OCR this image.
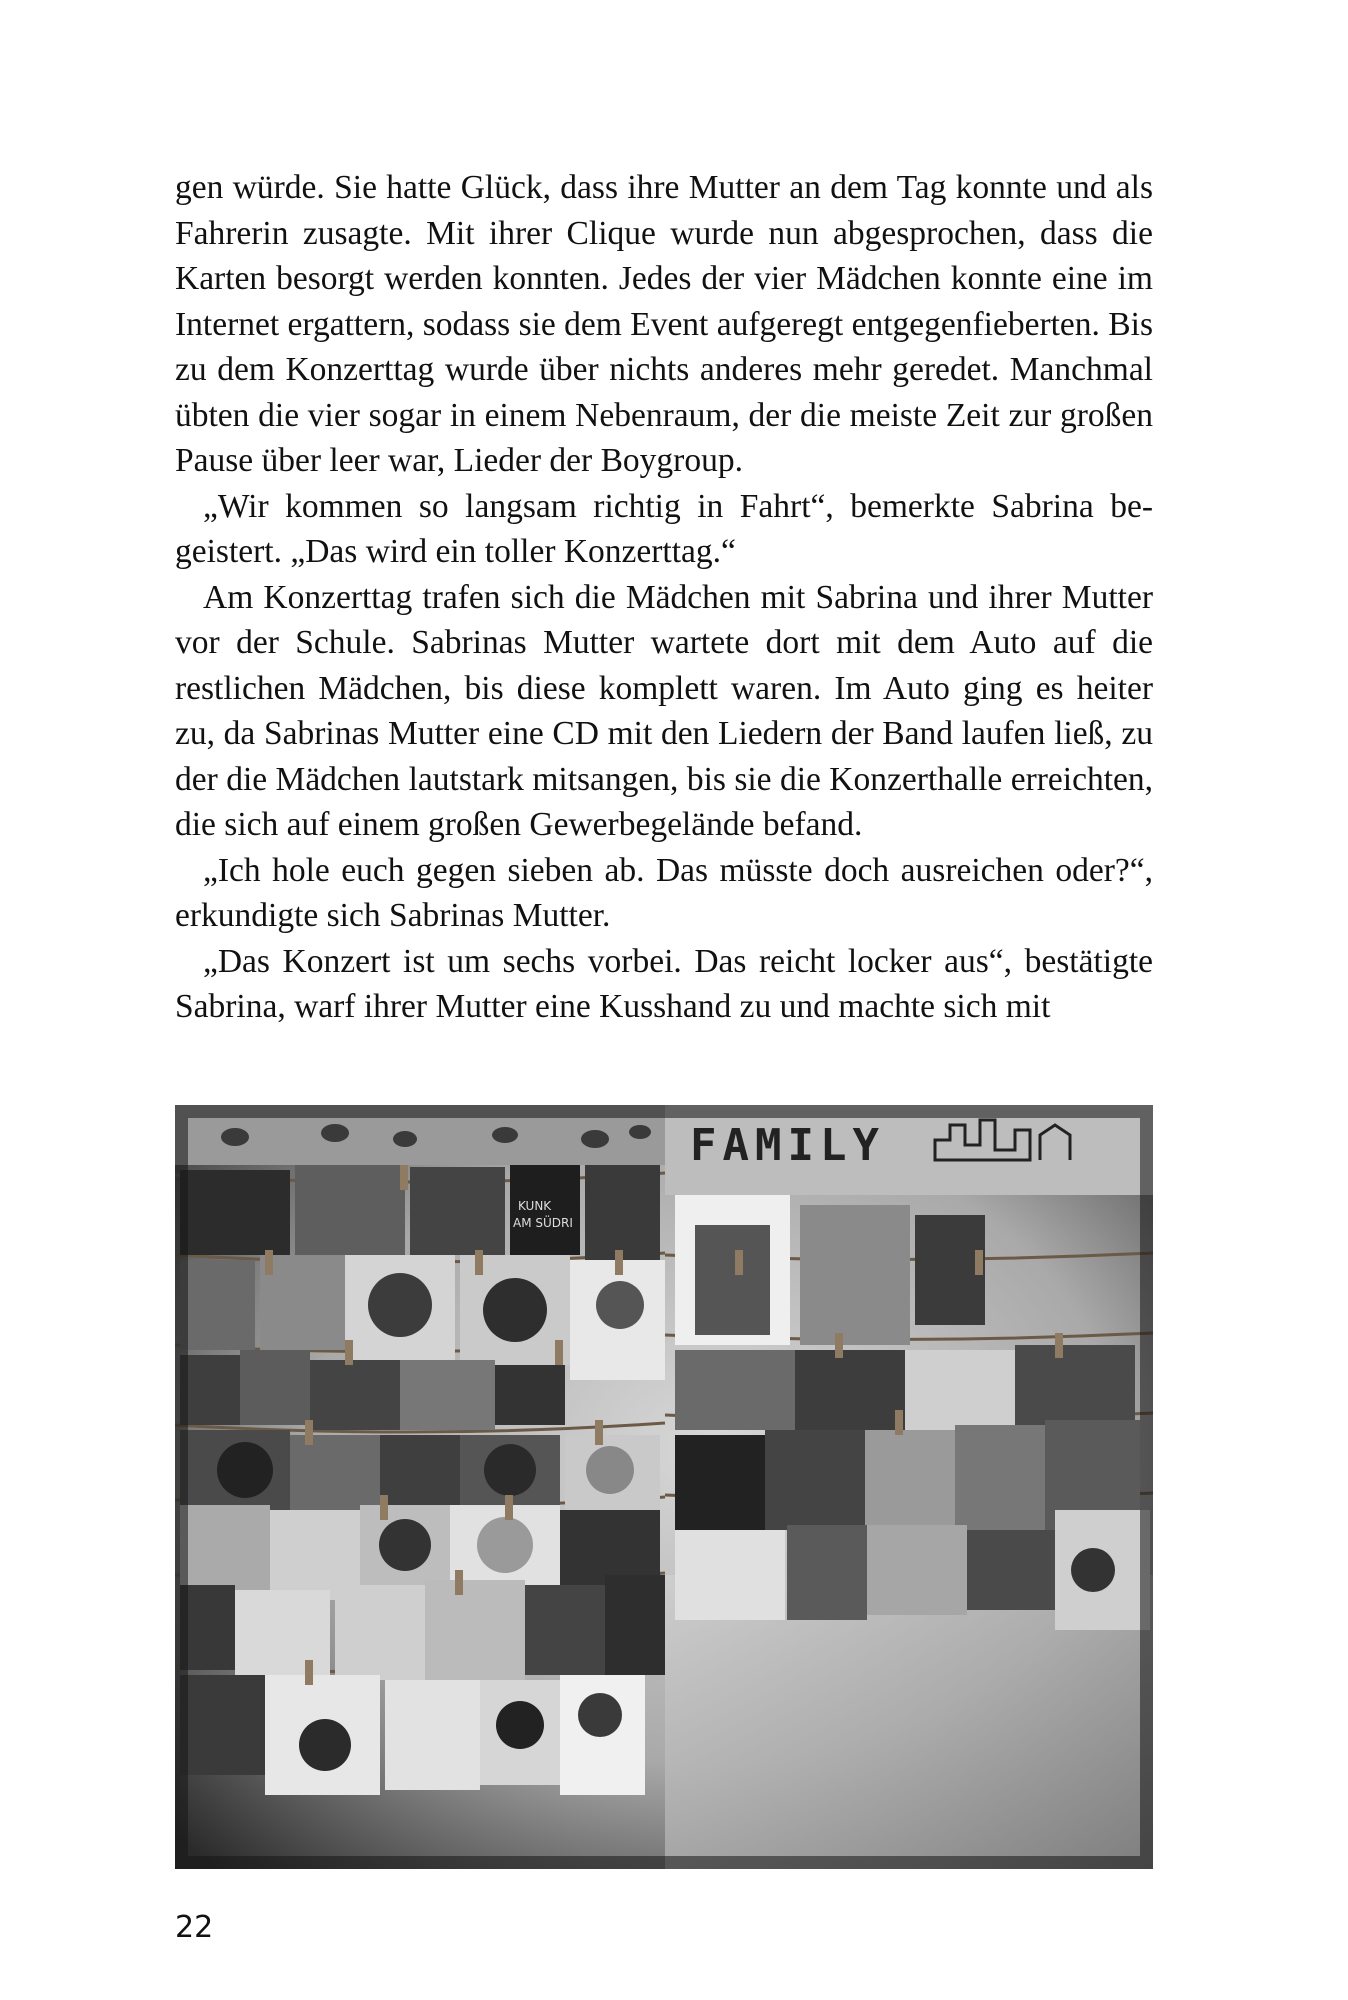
gen würde. Sie hatte Glück, dass ihre Mutter an dem Tag konnte und als Fahrerin zusagte. Mit ihrer Clique wurde nun abgesprochen, dass die Karten besorgt werden konnten. Jedes der vier Mädchen konnte eine im Internet ergattern, sodass sie dem Event aufgeregt entgegenfieberten. Bis zu dem Konzerttag wurde über nichts anderes mehr geredet. Manchmal übten die vier sogar in einem Nebenraum, der die meiste Zeit zur großen Pause über leer war, Lieder der Boygroup.

„Wir kommen so langsam richtig in Fahrt“, bemerkte Sabrina begeistert. „Das wird ein toller Konzerttag.“

Am Konzerttag trafen sich die Mädchen mit Sabrina und ihrer Mutter vor der Schule. Sabrinas Mutter wartete dort mit dem Auto auf die restlichen Mädchen, bis diese komplett waren. Im Auto ging es heiter zu, da Sabrinas Mutter eine CD mit den Liedern der Band laufen ließ, zu der die Mädchen lautstark mitsangen, bis sie die Konzerthalle erreichten, die sich auf einem großen Gewerbegelände befand.

„Ich hole euch gegen sieben ab. Das müsste doch ausreichen oder?“, erkundigte sich Sabrinas Mutter.

„Das Konzert ist um sechs vorbei. Das reicht locker aus“, bestätigte Sabrina, warf ihrer Mutter eine Kusshand zu und machte sich mit

FAMILY
KUNK
AM SÜDRI
22
